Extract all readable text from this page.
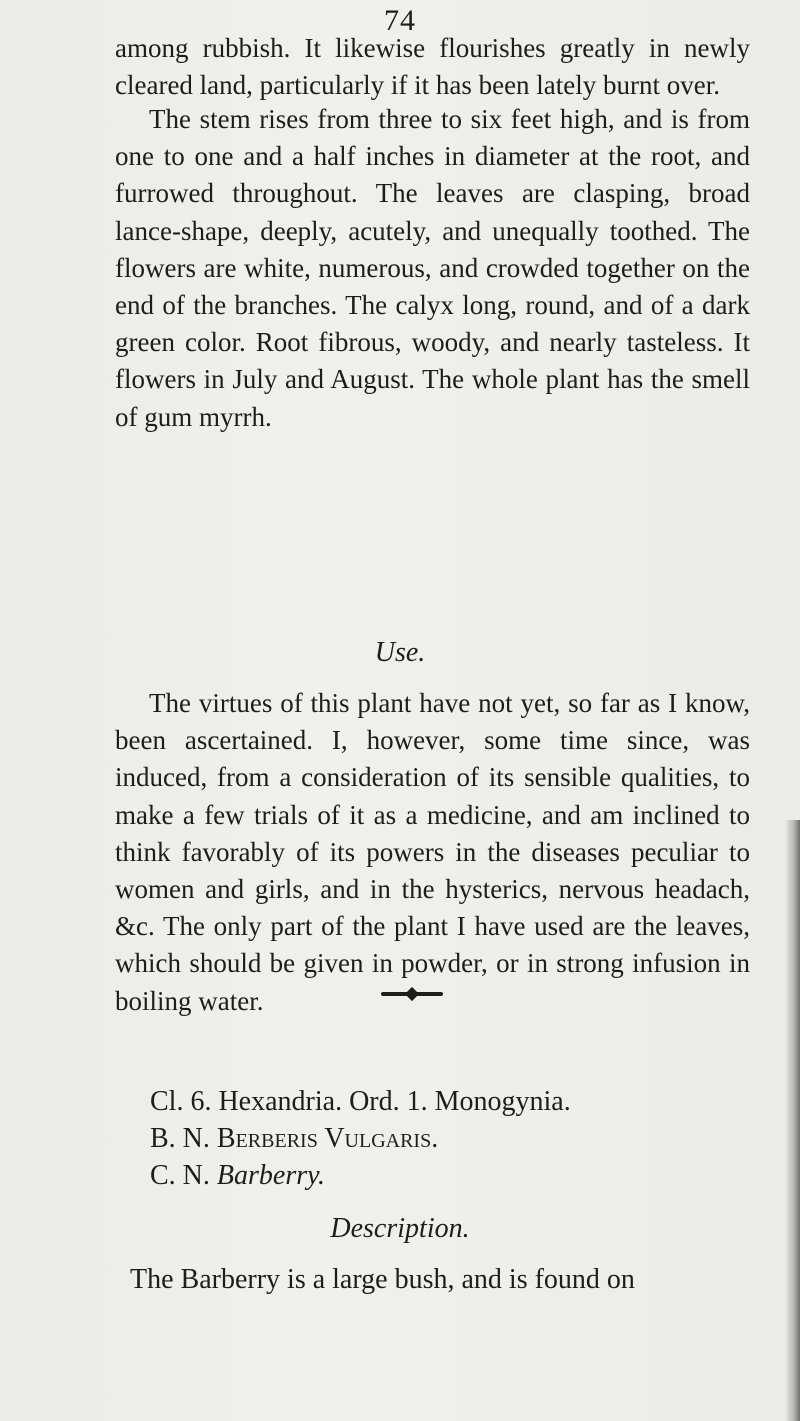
74

among rubbish. It likewise flourishes greatly in newly cleared land, particularly if it has been lately burnt over.

The stem rises from three to six feet high, and is from one to one and a half inches in diameter at the root, and furrowed throughout. The leaves are clasping, broad lance-shape, deeply, acutely, and unequally toothed. The flowers are white, numerous, and crowded together on the end of the branches. The calyx long, round, and of a dark green color. Root fibrous, woody, and nearly tasteless. It flowers in July and August. The whole plant has the smell of gum myrrh.

Use.

The virtues of this plant have not yet, so far as I know, been ascertained. I, however, some time since, was induced, from a consideration of its sensible qualities, to make a few trials of it as a medicine, and am inclined to think favorably of its powers in the diseases peculiar to women and girls, and in the hysterics, nervous headach, &c. The only part of the plant I have used are the leaves, which should be given in powder, or in strong infusion in boiling water.

Cl. 6. Hexandria. Ord. 1. Monogynia.
B. N. Berberis Vulgaris.
C. N. Barberry.
Description.
The Barberry is a large bush, and is found on
